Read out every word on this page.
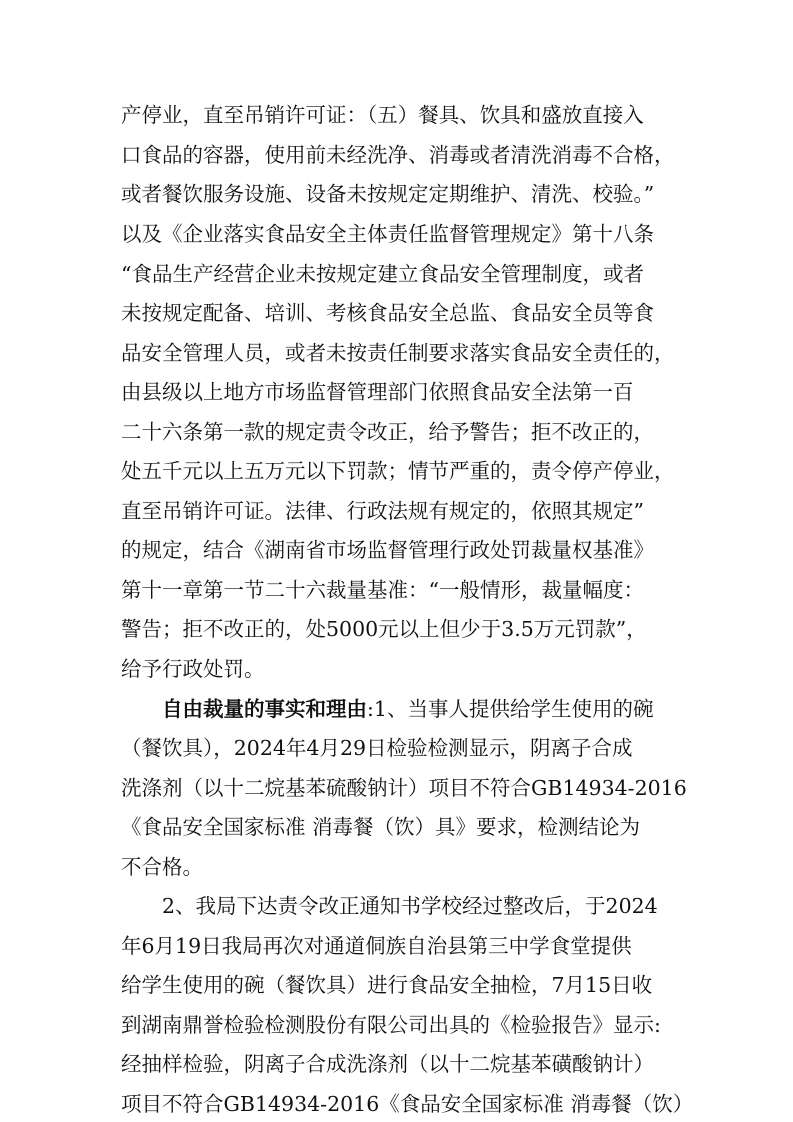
产停业，直至吊销许可证：（五）餐具、饮具和盛放直接入
口食品的容器，使用前未经洗净、消毒或者清洗消毒不合格，
或者餐饮服务设施、设备未按规定定期维护、清洗、校验。”
以及《企业落实食品安全主体责任监督管理规定》第十八条
“食品生产经营企业未按规定建立食品安全管理制度，或者
未按规定配备、培训、考核食品安全总监、食品安全员等食
品安全管理人员，或者未按责任制要求落实食品安全责任的，
由县级以上地方市场监督管理部门依照食品安全法第一百
二十六条第一款的规定责令改正，给予警告；拒不改正的，
处五千元以上五万元以下罚款；情节严重的，责令停产停业，
直至吊销许可证。法律、行政法规有规定的，依照其规定”
的规定，结合《湖南省市场监督管理行政处罚裁量权基准》
第十一章第一节二十六裁量基准：“一般情形，裁量幅度：
警告；拒不改正的，处5000元以上但少于3.5万元罚款”，
给予行政处罚。
自由裁量的事实和理由:1、当事人提供给学生使用的碗
（餐饮具），2024年4月29日检验检测显示，阴离子合成
洗涤剂（以十二烷基苯硫酸钠计）项目不符合GB14934-2016
《食品安全国家标准 消毒餐（饮）具》要求，检测结论为
不合格。
2、我局下达责令改正通知书学校经过整改后，于2024
年6月19日我局再次对通道侗族自治县第三中学食堂提供
给学生使用的碗（餐饮具）进行食品安全抽检，7月15日收
到湖南鼎誉检验检测股份有限公司出具的《检验报告》显示:
经抽样检验，阴离子合成洗涤剂（以十二烷基苯磺酸钠计）
项目不符合GB14934-2016《食品安全国家标准 消毒餐（饮）
